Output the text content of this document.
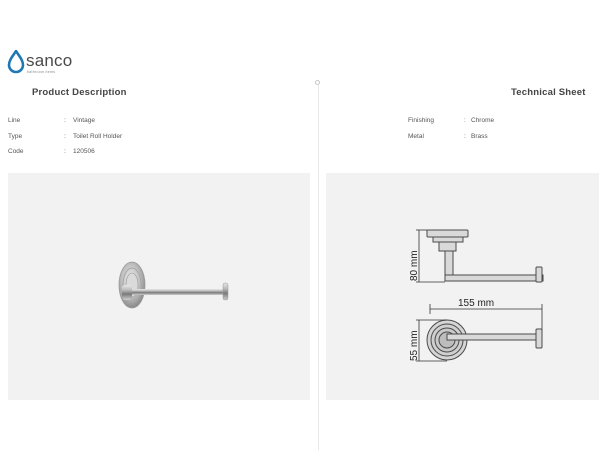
sanco
bathroom items
Product Description	Technical Sheet
Line	: Vintage
Type	: Toilet Roll Holder
Code	: 120506
Finishing	: Chrome
Metal	: Brass
80 mm
155 mm
55 mm
